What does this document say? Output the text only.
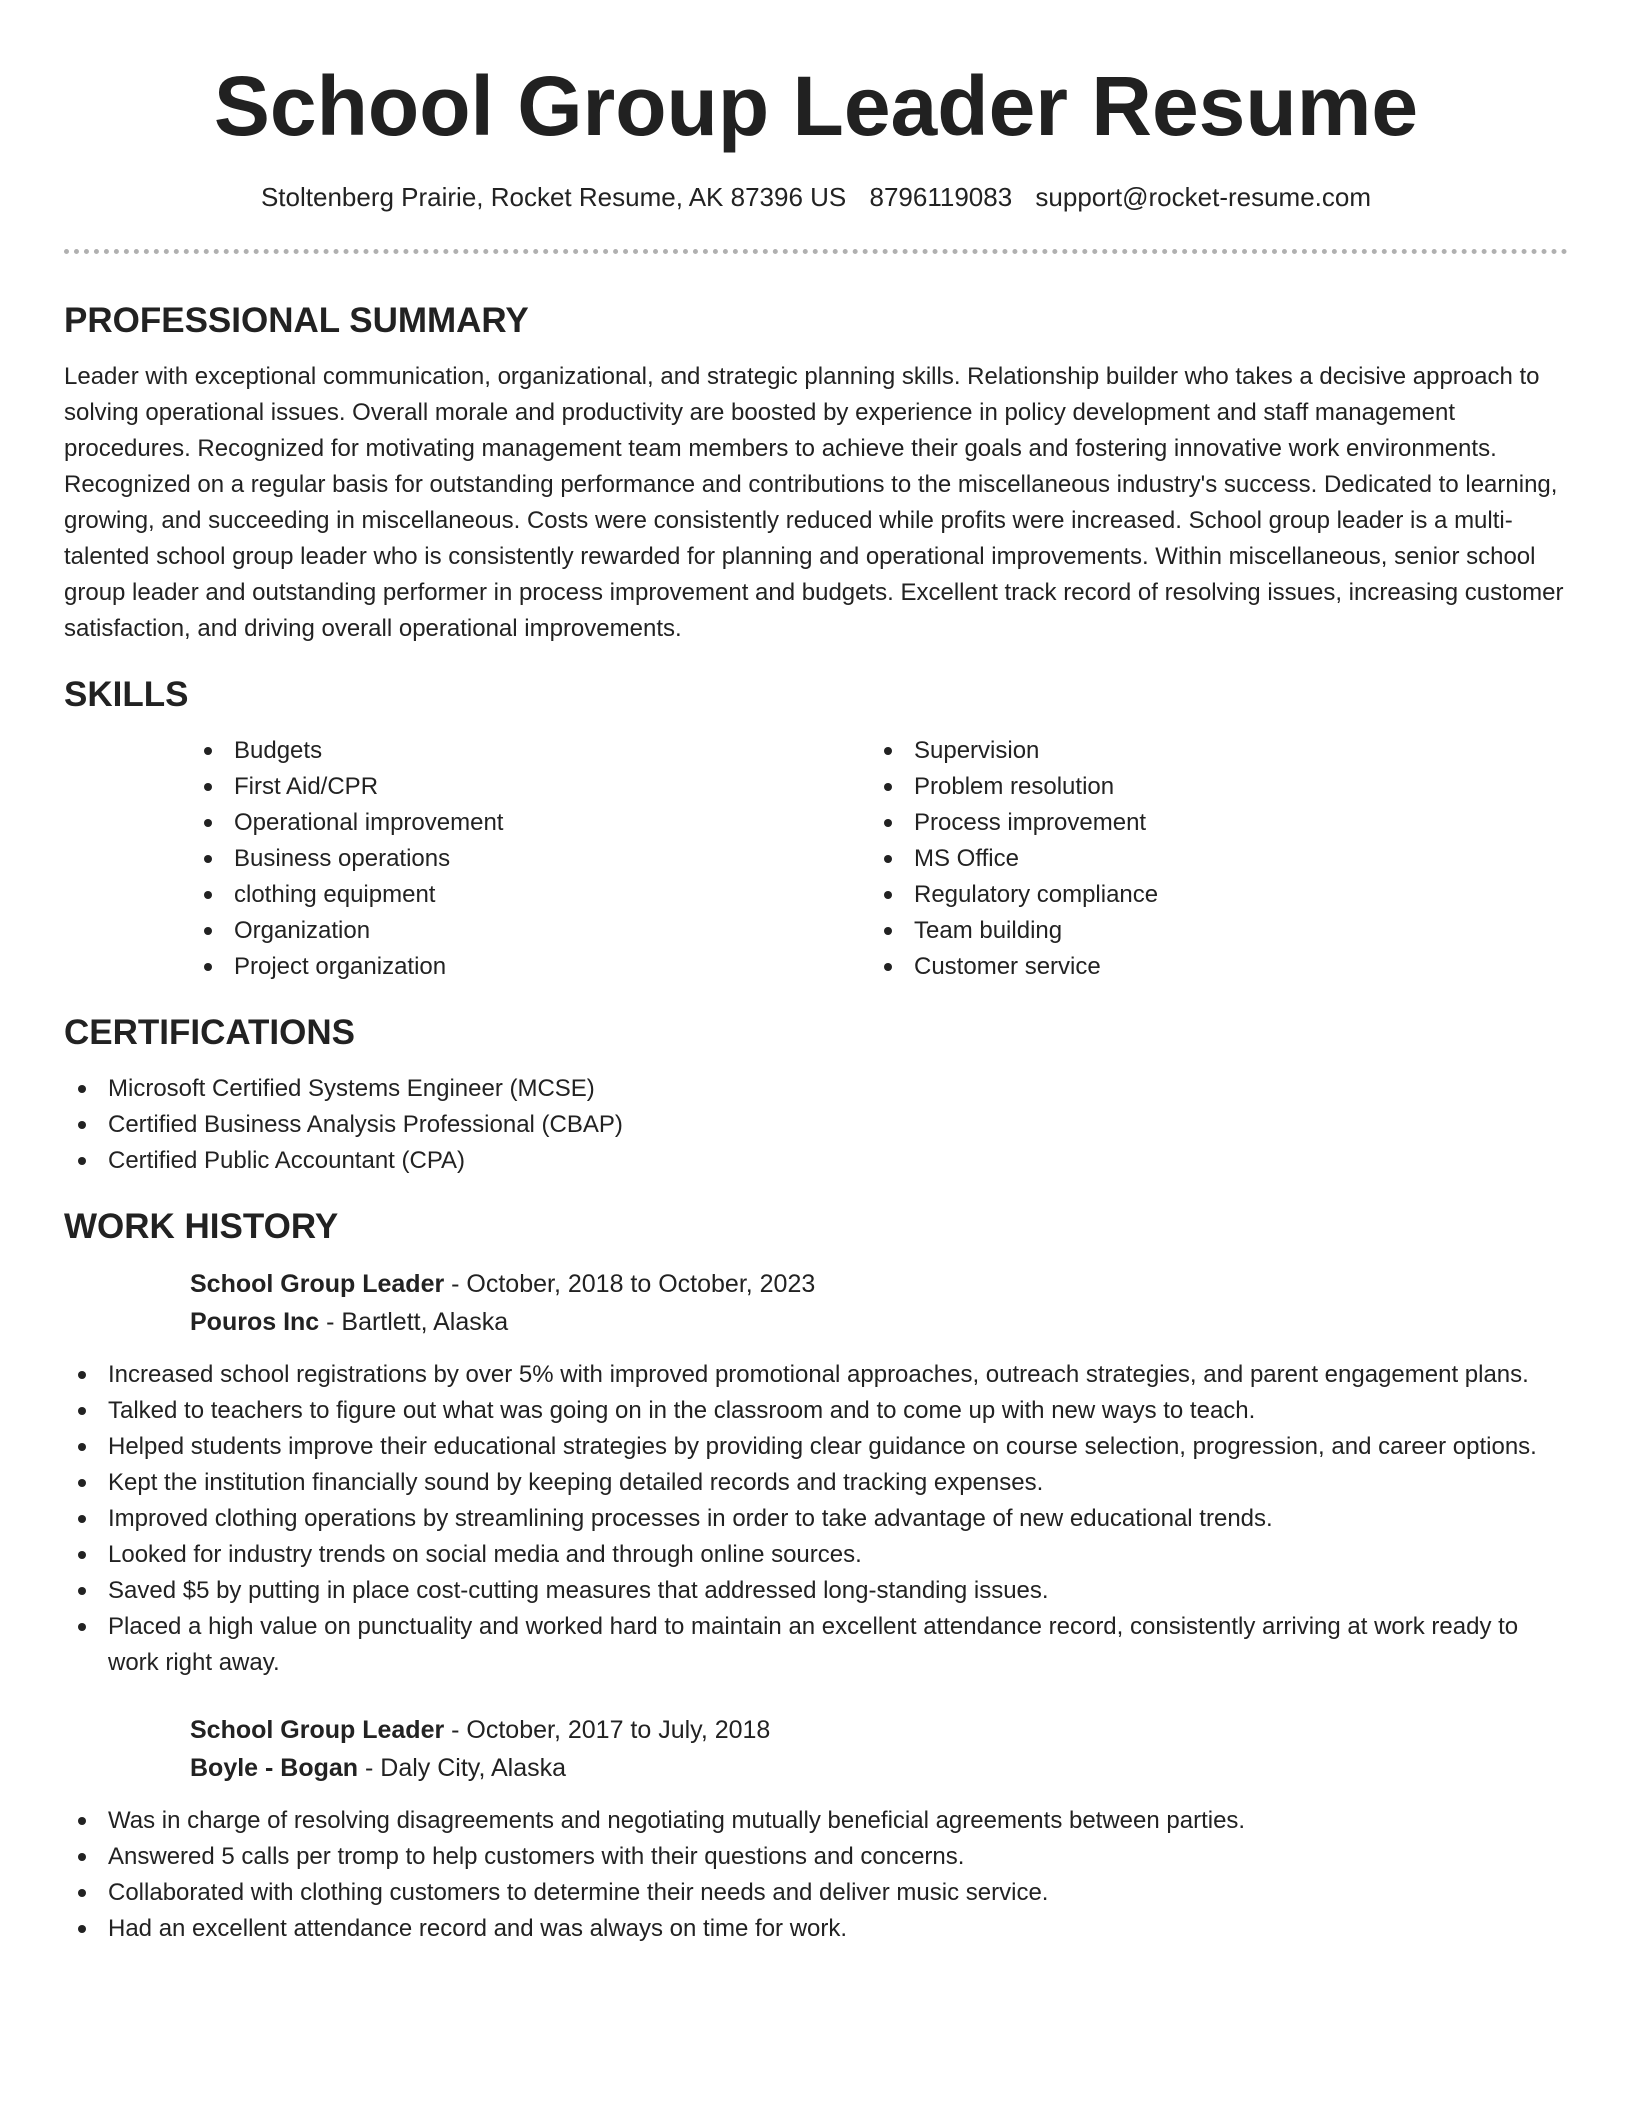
School Group Leader Resume
Stoltenberg Prairie, Rocket Resume, AK 87396 US 8796119083 support@rocket-resume.com
PROFESSIONAL SUMMARY

Leader with exceptional communication, organizational, and strategic planning skills. Relationship builder who takes a decisive approach to solving operational issues. Overall morale and productivity are boosted by experience in policy development and staff management procedures. Recognized for motivating management team members to achieve their goals and fostering innovative work environments. Recognized on a regular basis for outstanding performance and contributions to the miscellaneous industry's success. Dedicated to learning, growing, and succeeding in miscellaneous. Costs were consistently reduced while profits were increased. School group leader is a multi-talented school group leader who is consistently rewarded for planning and operational improvements. Within miscellaneous, senior school group leader and outstanding performer in process improvement and budgets. Excellent track record of resolving issues, increasing customer satisfaction, and driving overall operational improvements.

SKILLS
Budgets
First Aid/CPR
Operational improvement
Business operations
clothing equipment
Organization
Project organization
Supervision
Problem resolution
Process improvement
MS Office
Regulatory compliance
Team building
Customer service
CERTIFICATIONS
Microsoft Certified Systems Engineer (MCSE)
Certified Business Analysis Professional (CBAP)
Certified Public Accountant (CPA)
WORK HISTORY
School Group Leader - October, 2018 to October, 2023
Pouros Inc - Bartlett, Alaska
Increased school registrations by over 5% with improved promotional approaches, outreach strategies, and parent engagement plans.
Talked to teachers to figure out what was going on in the classroom and to come up with new ways to teach.
Helped students improve their educational strategies by providing clear guidance on course selection, progression, and career options.
Kept the institution financially sound by keeping detailed records and tracking expenses.
Improved clothing operations by streamlining processes in order to take advantage of new educational trends.
Looked for industry trends on social media and through online sources.
Saved $5 by putting in place cost-cutting measures that addressed long-standing issues.
Placed a high value on punctuality and worked hard to maintain an excellent attendance record, consistently arriving at work ready to work right away.
School Group Leader - October, 2017 to July, 2018
Boyle - Bogan - Daly City, Alaska
Was in charge of resolving disagreements and negotiating mutually beneficial agreements between parties.
Answered 5 calls per tromp to help customers with their questions and concerns.
Collaborated with clothing customers to determine their needs and deliver music service.
Had an excellent attendance record and was always on time for work.
